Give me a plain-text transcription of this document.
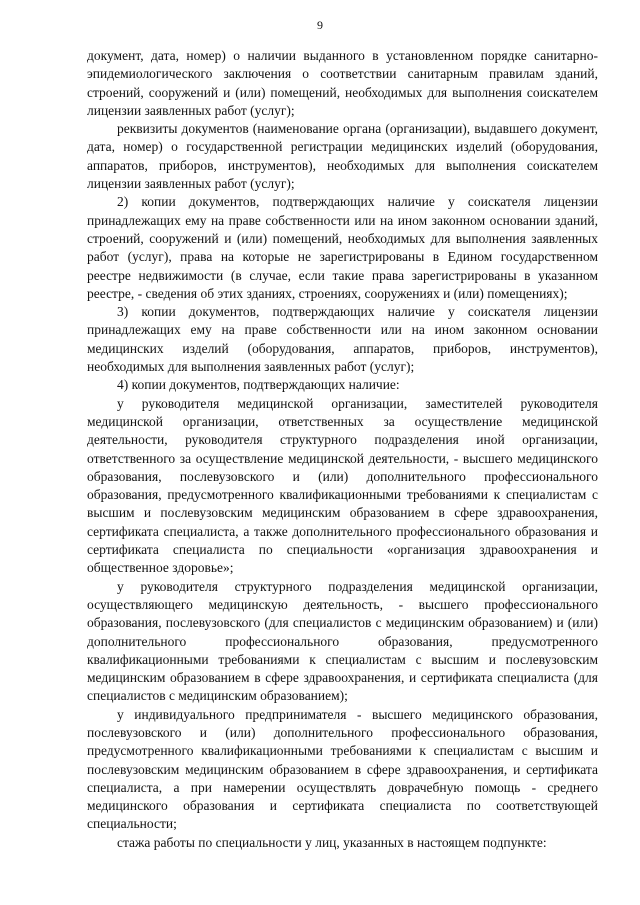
9

документ, дата, номер) о наличии выданного в установленном порядке санитарно-эпидемиологического заключения о соответствии санитарным правилам зданий, строений, сооружений и (или) помещений, необходимых для выполнения соискателем лицензии заявленных работ (услуг);

реквизиты документов (наименование органа (организации), выдавшего документ, дата, номер) о государственной регистрации медицинских изделий (оборудования, аппаратов, приборов, инструментов), необходимых для выполнения соискателем лицензии заявленных работ (услуг);

2) копии документов, подтверждающих наличие у соискателя лицензии принадлежащих ему на праве собственности или на ином законном основании зданий, строений, сооружений и (или) помещений, необходимых для выполнения заявленных работ (услуг), права на которые не зарегистрированы в Едином государственном реестре недвижимости (в случае, если такие права зарегистрированы в указанном реестре, - сведения об этих зданиях, строениях, сооружениях и (или) помещениях);

3) копии документов, подтверждающих наличие у соискателя лицензии принадлежащих ему на праве собственности или на ином законном основании медицинских изделий (оборудования, аппаратов, приборов, инструментов), необходимых для выполнения заявленных работ (услуг);

4) копии документов, подтверждающих наличие:

у руководителя медицинской организации, заместителей руководителя медицинской организации, ответственных за осуществление медицинской деятельности, руководителя структурного подразделения иной организации, ответственного за осуществление медицинской деятельности, - высшего медицинского образования, послевузовского и (или) дополнительного профессионального образования, предусмотренного квалификационными требованиями к специалистам с высшим и послевузовским медицинским образованием в сфере здравоохранения, сертификата специалиста, а также дополнительного профессионального образования и сертификата специалиста по специальности «организация здравоохранения и общественное здоровье»;

у руководителя структурного подразделения медицинской организации, осуществляющего медицинскую деятельность, - высшего профессионального образования, послевузовского (для специалистов с медицинским образованием) и (или) дополнительного профессионального образования, предусмотренного квалификационными требованиями к специалистам с высшим и послевузовским медицинским образованием в сфере здравоохранения, и сертификата специалиста (для специалистов с медицинским образованием);

у индивидуального предпринимателя - высшего медицинского образования, послевузовского и (или) дополнительного профессионального образования, предусмотренного квалификационными требованиями к специалистам с высшим и послевузовским медицинским образованием в сфере здравоохранения, и сертификата специалиста, а при намерении осуществлять доврачебную помощь - среднего медицинского образования и сертификата специалиста по соответствующей специальности;

стажа работы по специальности у лиц, указанных в настоящем подпункте:
